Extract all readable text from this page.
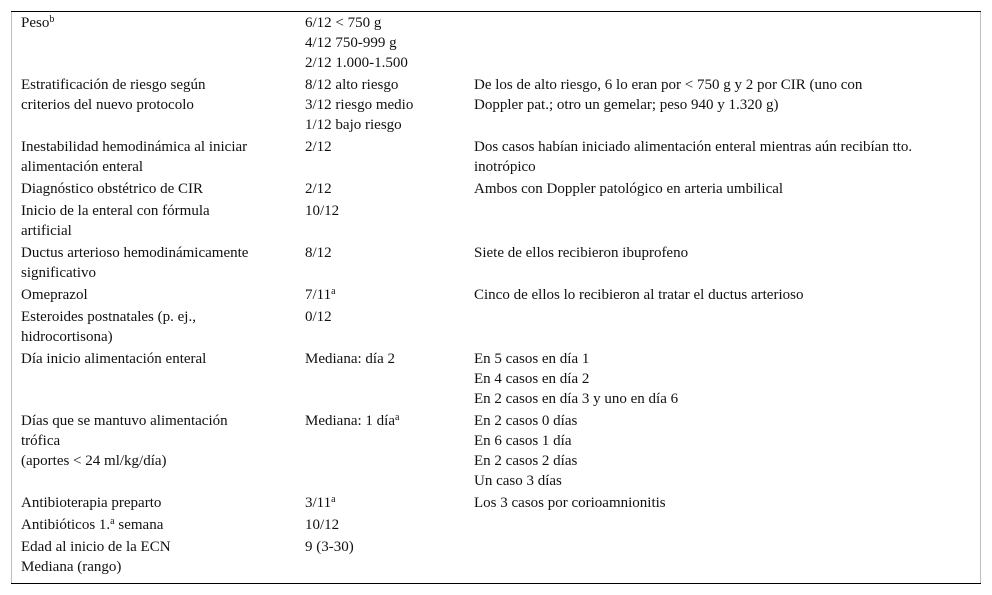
Peso$^b$	6/12 < 750 g
4/12 750-999 g
2/12 1.000-1.500	

Estratificación de riesgo según
criterios del nuevo protocolo	8/12 alto riesgo
3/12 riesgo medio
1/12 bajo riesgo	De los de alto riesgo, 6 lo eran por < 750 g y 2 por CIR (uno con
Doppler pat.; otro un gemelar; peso 940 y 1.320 g)

Inestabilidad hemodinámica al iniciar
alimentación enteral	2/12	Dos casos habían iniciado alimentación enteral mientras aún recibían tto.
inotrópico

Diagnóstico obstétrico de CIR	2/12	Ambos con Doppler patológico en arteria umbilical

Inicio de la enteral con fórmula
artificial	10/12	

Ductus arterioso hemodinámicamente
significativo	8/12	Siete de ellos recibieron ibuprofeno

Omeprazol	7/11$^a$	Cinco de ellos lo recibieron al tratar el ductus arterioso

Esteroides postnatales (p. ej.,
hidrocortisona)	0/12	

Día inicio alimentación enteral	Mediana: día 2	En 5 casos en día 1
En 4 casos en día 2
En 2 casos en día 3 y uno en día 6

Días que se mantuvo alimentación
trófica
(aportes < 24 ml/kg/día)	Mediana: 1 día$^a$	En 2 casos 0 días
En 6 casos 1 día
En 2 casos 2 días
Un caso 3 días

Antibioterapia preparto	3/11$^a$	Los 3 casos por corioamnionitis

Antibióticos 1.$^a$ semana	10/12	

Edad al inicio de la ECN
Mediana (rango)	9 (3-30)	
